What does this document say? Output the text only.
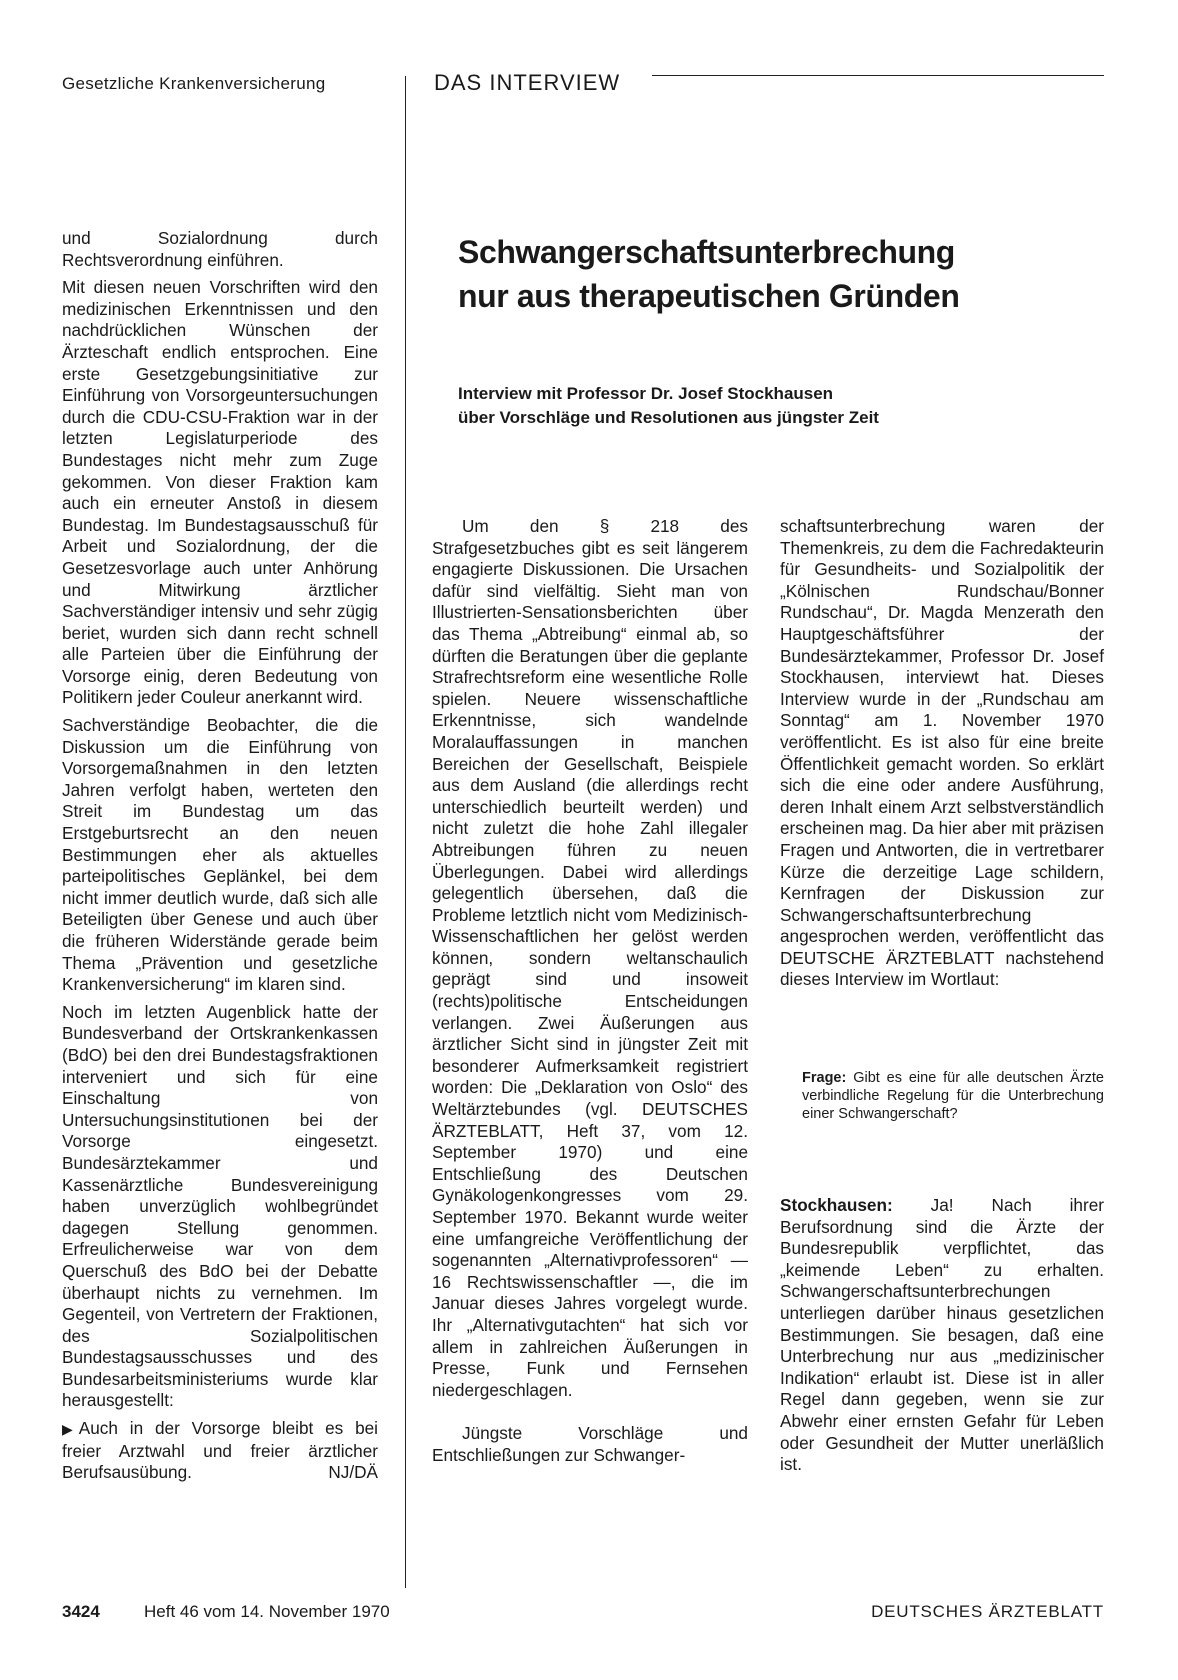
Gesetzliche Krankenversicherung	DAS INTERVIEW
Schwangerschaftsunterbrechung
nur aus therapeutischen Gründen
Interview mit Professor Dr. Josef Stockhausen
über Vorschläge und Resolutionen aus jüngster Zeit

und Sozialordnung durch Rechtsverordnung einführen.

Mit diesen neuen Vorschriften wird den medizinischen Erkenntnissen und den nachdrücklichen Wünschen der Ärzteschaft endlich entsprochen. Eine erste Gesetzgebungsinitiative zur Einführung von Vorsorgeuntersuchungen durch die CDU-CSU-Fraktion war in der letzten Legislaturperiode des Bundestages nicht mehr zum Zuge gekommen. Von dieser Fraktion kam auch ein erneuter Anstoß in diesem Bundestag. Im Bundestagsausschuß für Arbeit und Sozialordnung, der die Gesetzesvorlage auch unter Anhörung und Mitwirkung ärztlicher Sachverständiger intensiv und sehr zügig beriet, wurden sich dann recht schnell alle Parteien über die Einführung der Vorsorge einig, deren Bedeutung von Politikern jeder Couleur anerkannt wird.

Sachverständige Beobachter, die die Diskussion um die Einführung von Vorsorgemaßnahmen in den letzten Jahren verfolgt haben, werteten den Streit im Bundestag um das Erstgeburtsrecht an den neuen Bestimmungen eher als aktuelles parteipolitisches Geplänkel, bei dem nicht immer deutlich wurde, daß sich alle Beteiligten über Genese und auch über die früheren Widerstände gerade beim Thema „Prävention und gesetzliche Krankenversicherung“ im klaren sind.

Noch im letzten Augenblick hatte der Bundesverband der Ortskrankenkassen (BdO) bei den drei Bundestagsfraktionen interveniert und sich für eine Einschaltung von Untersuchungsinstitutionen bei der Vorsorge eingesetzt. Bundesärztekammer und Kassenärztliche Bundesvereinigung haben unverzüglich wohlbegründet dagegen Stellung genommen. Erfreulicherweise war von dem Querschuß des BdO bei der Debatte überhaupt nichts zu vernehmen. Im Gegenteil, von Vertretern der Fraktionen, des Sozialpolitischen Bundestagsausschusses und des Bundesarbeitsministeriums wurde klar herausgestellt:

▶ Auch in der Vorsorge bleibt es bei freier Arztwahl und freier ärztlicher Berufsausübung.	NJ/DÄ

Um den § 218 des Strafgesetzbuches gibt es seit längerem engagierte Diskussionen. Die Ursachen dafür sind vielfältig. Sieht man von Illustrierten-Sensationsberichten über das Thema „Abtreibung“ einmal ab, so dürften die Beratungen über die geplante Strafrechtsreform eine wesentliche Rolle spielen. Neuere wissenschaftliche Erkenntnisse, sich wandelnde Moralauffassungen in manchen Bereichen der Gesellschaft, Beispiele aus dem Ausland (die allerdings recht unterschiedlich beurteilt werden) und nicht zuletzt die hohe Zahl illegaler Abtreibungen führen zu neuen Überlegungen. Dabei wird allerdings gelegentlich übersehen, daß die Probleme letztlich nicht vom Medizinisch-Wissenschaftlichen her gelöst werden können, sondern weltanschaulich geprägt sind und insoweit (rechts)politische Entscheidungen verlangen. Zwei Äußerungen aus ärztlicher Sicht sind in jüngster Zeit mit besonderer Aufmerksamkeit registriert worden: Die „Deklaration von Oslo“ des Weltärztebundes (vgl. DEUTSCHES ÄRZTEBLATT, Heft 37, vom 12. September 1970) und eine Entschließung des Deutschen Gynäkologenkongresses vom 29. September 1970. Bekannt wurde weiter eine umfangreiche Veröffentlichung der sogenannten „Alternativprofessoren“ — 16 Rechtswissenschaftler —, die im Januar dieses Jahres vorgelegt wurde. Ihr „Alternativgutachten“ hat sich vor allem in zahlreichen Äußerungen in Presse, Funk und Fernsehen niedergeschlagen.

Jüngste Vorschläge und Entschließungen zur Schwanger-

schaftsunterbrechung waren der Themenkreis, zu dem die Fachredakteurin für Gesundheits- und Sozialpolitik der „Kölnischen Rundschau/Bonner Rundschau“, Dr. Magda Menzerath den Hauptgeschäftsführer der Bundesärztekammer, Professor Dr. Josef Stockhausen, interviewt hat. Dieses Interview wurde in der „Rundschau am Sonntag“ am 1. November 1970 veröffentlicht. Es ist also für eine breite Öffentlichkeit gemacht worden. So erklärt sich die eine oder andere Ausführung, deren Inhalt einem Arzt selbstverständlich erscheinen mag. Da hier aber mit präzisen Fragen und Antworten, die in vertretbarer Kürze die derzeitige Lage schildern, Kernfragen der Diskussion zur Schwangerschaftsunterbrechung angesprochen werden, veröffentlicht das DEUTSCHE ÄRZTEBLATT nachstehend dieses Interview im Wortlaut:

Frage: Gibt es eine für alle deutschen Ärzte verbindliche Regelung für die Unterbrechung einer Schwangerschaft?

Stockhausen: Ja! Nach ihrer Berufsordnung sind die Ärzte der Bundesrepublik verpflichtet, das „keimende Leben“ zu erhalten. Schwangerschaftsunterbrechungen unterliegen darüber hinaus gesetzlichen Bestimmungen. Sie besagen, daß eine Unterbrechung nur aus „medizinischer Indikation“ erlaubt ist. Diese ist in aller Regel dann gegeben, wenn sie zur Abwehr einer ernsten Gefahr für Leben oder Gesundheit der Mutter unerläßlich ist.

3424	Heft 46 vom 14. November 1970	DEUTSCHES ÄRZTEBLATT
